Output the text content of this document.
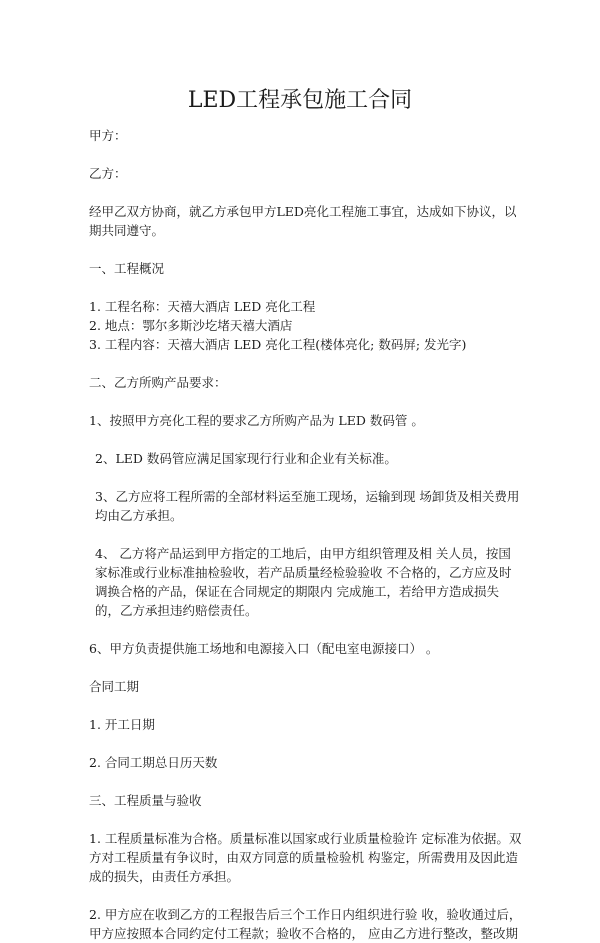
LED工程承包施工合同

甲方：

乙方：

经甲乙双方协商，就乙方承包甲方LED亮化工程施工事宜，达成如下协议，以期共同遵守。

一、工程概况

1. 工程名称：天禧大酒店 LED 亮化工程

2. 地点：鄂尔多斯沙圪堵天禧大酒店

3. 工程内容：天禧大酒店 LED 亮化工程(楼体亮化; 数码屏; 发光字)

二、乙方所购产品要求：

1、按照甲方亮化工程的要求乙方所购产品为 LED 数码管 。

2、LED 数码管应满足国家现行行业和企业有关标准。

3、乙方应将工程所需的全部材料运至施工现场，运输到现 场卸货及相关费用均由乙方承担。

4、 乙方将产品运到甲方指定的工地后，由甲方组织管理及相 关人员，按国家标准或行业标准抽检验收，若产品质量经检验验收 不合格的，乙方应及时调换合格的产品，保证在合同规定的期限内 完成施工，若给甲方造成损失的，乙方承担违约赔偿责任。

6、甲方负责提供施工场地和电源接入口（配电室电源接口） 。

合同工期

1. 开工日期

2. 合同工期总日历天数

三、工程质量与验收

1. 工程质量标准为合格。质量标准以国家或行业质量检验许 定标准为依据。双方对工程质量有争议时，由双方同意的质量检验机 构鉴定，所需费用及因此造成的损失，由责任方承担。

2. 甲方应在收到乙方的工程报告后三个工作日内组织进行验 收，验收通过后，甲方应按照本合同约定付工程款；验收不合格的， 应由乙方进行整改，整改期
